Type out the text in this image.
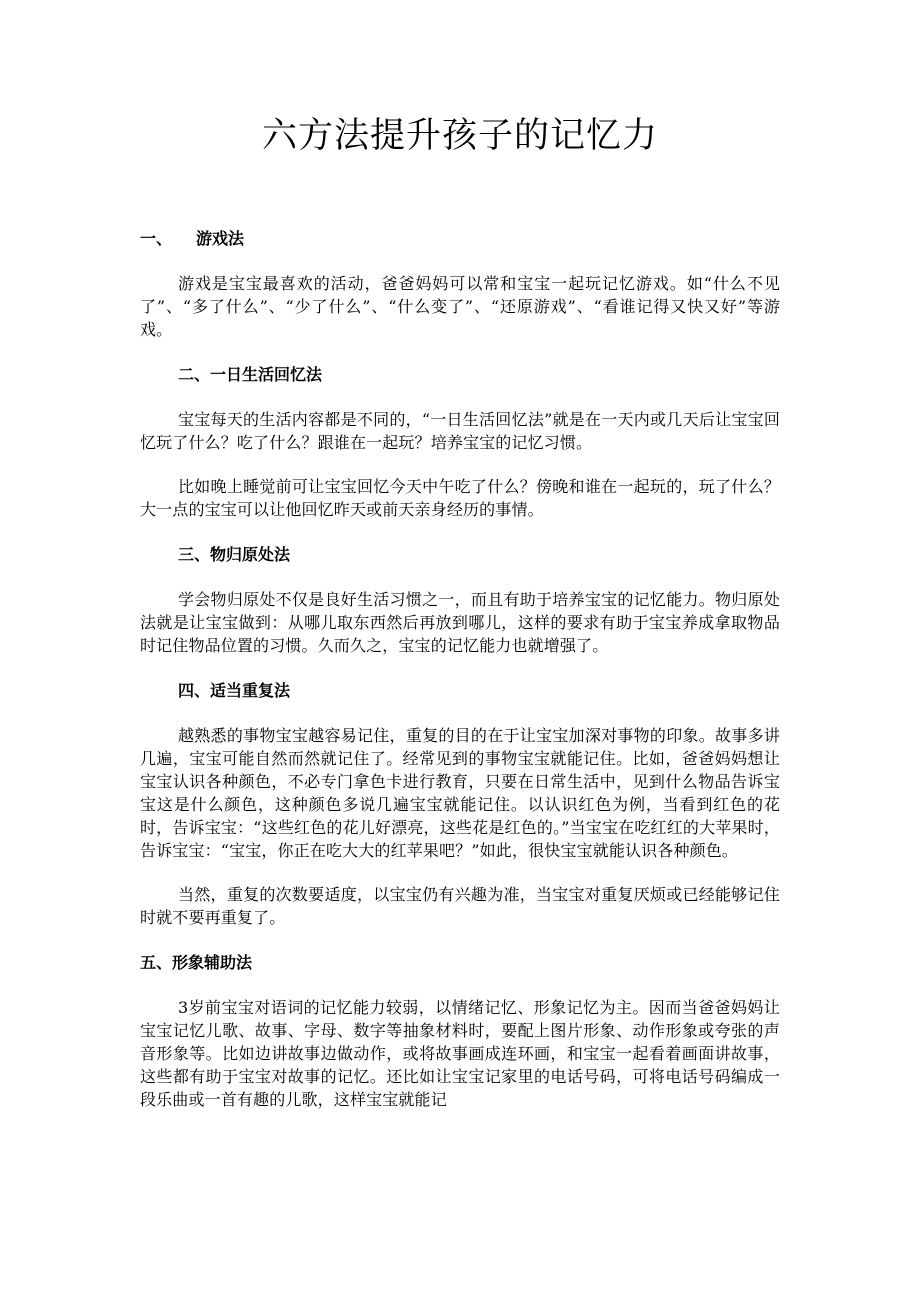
六方法提升孩子的记忆力

一、 游戏法

游戏是宝宝最喜欢的活动，爸爸妈妈可以常和宝宝一起玩记忆游戏。如“什么不见了”、“多了什么”、“少了什么”、“什么变了”、“还原游戏”、“看谁记得又快又好”等游戏。

二、一日生活回忆法

宝宝每天的生活内容都是不同的，“一日生活回忆法”就是在一天内或几天后让宝宝回忆玩了什么？吃了什么？跟谁在一起玩？培养宝宝的记忆习惯。

比如晚上睡觉前可让宝宝回忆今天中午吃了什么？傍晚和谁在一起玩的，玩了什么？大一点的宝宝可以让他回忆昨天或前天亲身经历的事情。

三、物归原处法

学会物归原处不仅是良好生活习惯之一，而且有助于培养宝宝的记忆能力。物归原处法就是让宝宝做到：从哪儿取东西然后再放到哪儿，这样的要求有助于宝宝养成拿取物品时记住物品位置的习惯。久而久之，宝宝的记忆能力也就增强了。

四、适当重复法

越熟悉的事物宝宝越容易记住，重复的目的在于让宝宝加深对事物的印象。故事多讲几遍，宝宝可能自然而然就记住了。经常见到的事物宝宝就能记住。比如，爸爸妈妈想让宝宝认识各种颜色，不必专门拿色卡进行教育，只要在日常生活中，见到什么物品告诉宝宝这是什么颜色，这种颜色多说几遍宝宝就能记住。以认识红色为例，当看到红色的花时，告诉宝宝：“这些红色的花儿好漂亮，这些花是红色的。”当宝宝在吃红红的大苹果时，告诉宝宝：“宝宝，你正在吃大大的红苹果吧？”如此，很快宝宝就能认识各种颜色。

当然，重复的次数要适度，以宝宝仍有兴趣为准，当宝宝对重复厌烦或已经能够记住时就不要再重复了。

五、形象辅助法

3岁前宝宝对语词的记忆能力较弱，以情绪记忆、形象记忆为主。因而当爸爸妈妈让宝宝记忆儿歌、故事、字母、数字等抽象材料时，要配上图片形象、动作形象或夸张的声音形象等。比如边讲故事边做动作，或将故事画成连环画，和宝宝一起看着画面讲故事，这些都有助于宝宝对故事的记忆。还比如让宝宝记家里的电话号码，可将电话号码编成一段乐曲或一首有趣的儿歌，这样宝宝就能记
